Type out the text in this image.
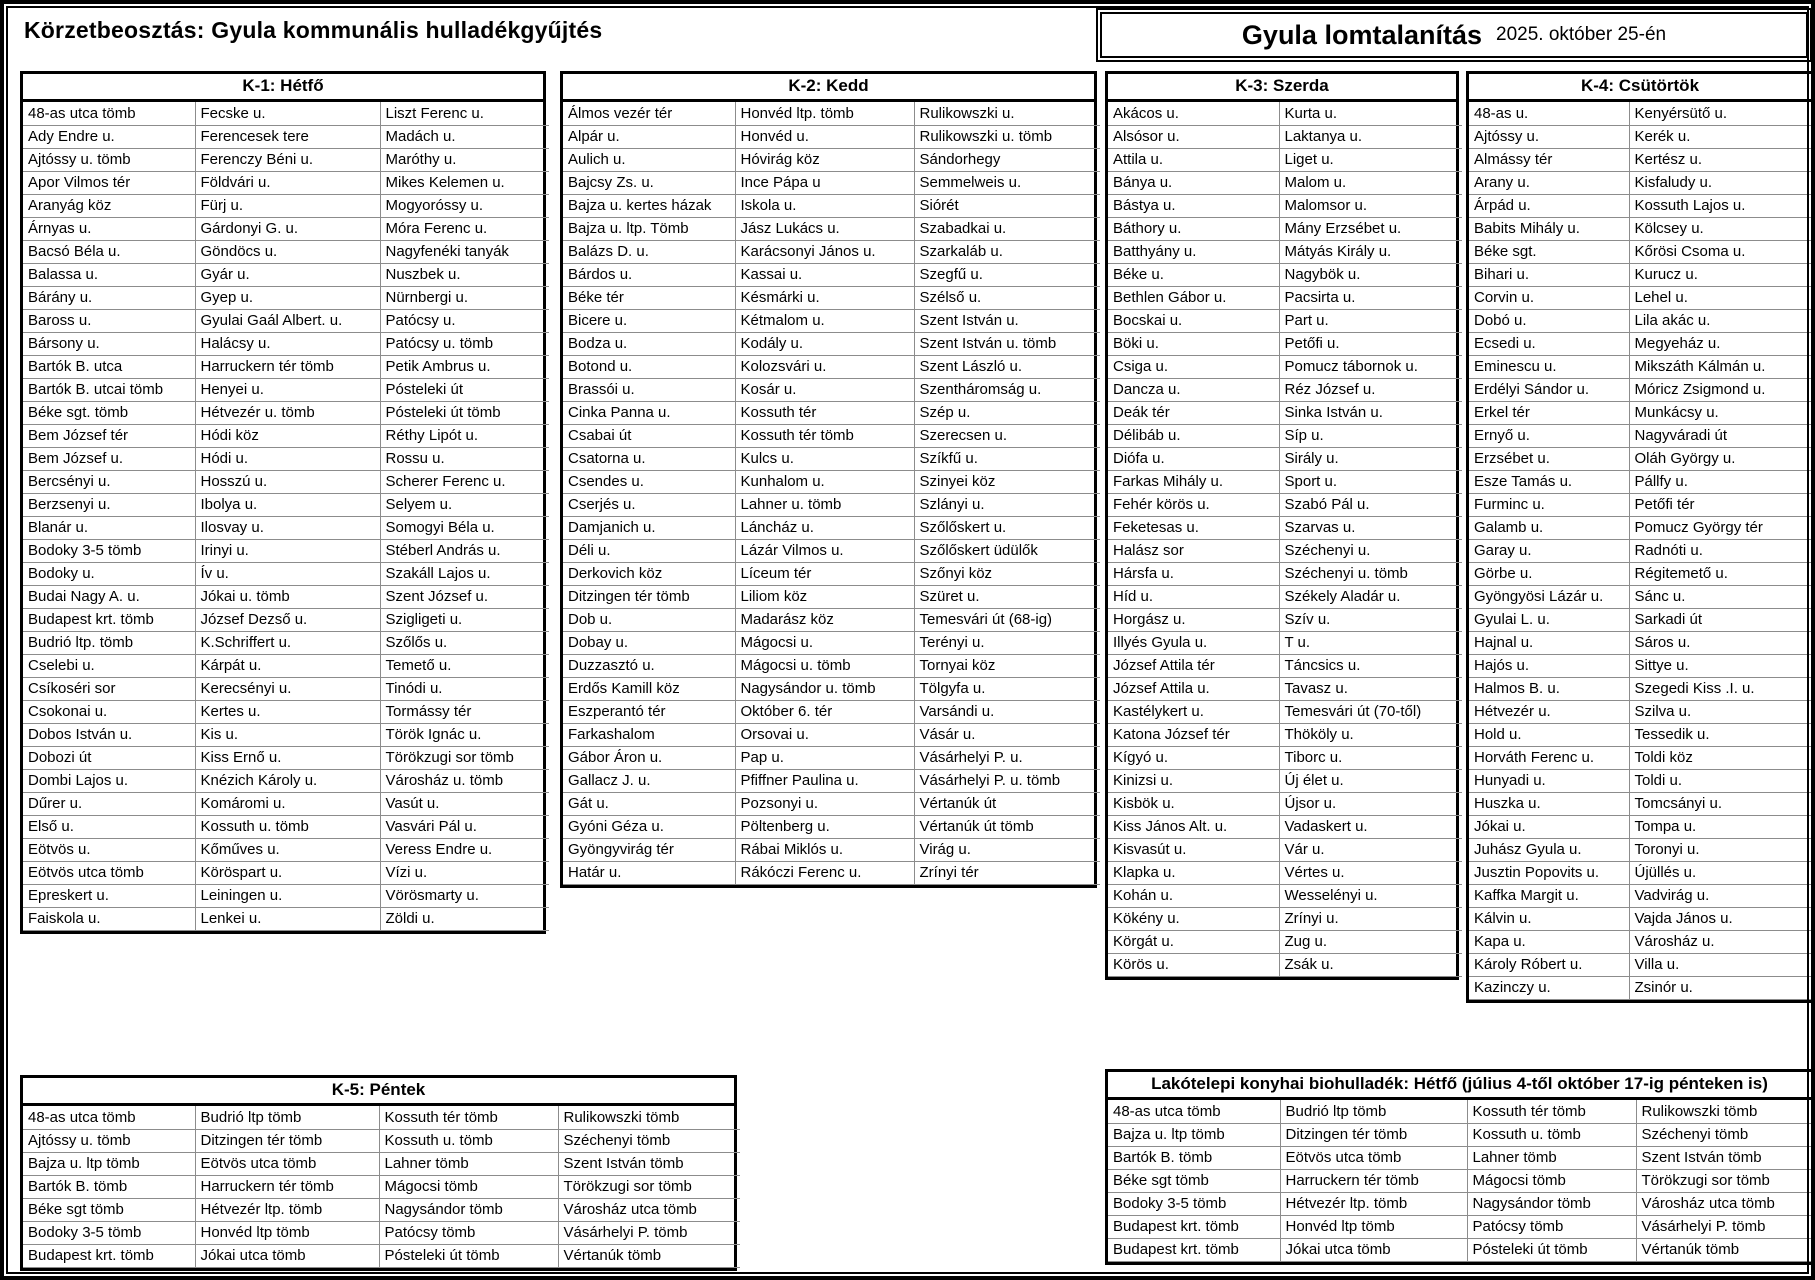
Körzetbeosztás: Gyula kommunális hulladékgyűjtés	Gyula lomtalanítás 2025. október 25-én
K-1: Hétfő
48-as utca tömb	Fecske u.	Liszt Ferenc u.
Ady Endre u.	Ferencesek tere	Madách u.
Ajtóssy u. tömb	Ferenczy Béni u.	Maróthy u.
Apor Vilmos tér	Földvári u.	Mikes Kelemen u.
Aranyág köz	Fürj u.	Mogyoróssy u.
Árnyas u.	Gárdonyi G. u.	Móra Ferenc u.
Bacsó Béla u.	Göndöcs u.	Nagyfenéki tanyák
Balassa u.	Gyár u.	Nuszbek u.
Bárány u.	Gyep u.	Nürnbergi u.
Baross u.	Gyulai Gaál Albert. u.	Patócsy u.
Bársony u.	Halácsy u.	Patócsy u. tömb
Bartók B. utca	Harruckern tér tömb	Petik Ambrus u.
Bartók B. utcai tömb	Henyei u.	Pósteleki út
Béke sgt. tömb	Hétvezér u. tömb	Pósteleki út tömb
Bem József tér	Hódi köz	Réthy Lipót u.
Bem József u.	Hódi u.	Rossu u.
Bercsényi u.	Hosszú u.	Scherer Ferenc u.
Berzsenyi u.	Ibolya u.	Selyem u.
Blanár u.	Ilosvay u.	Somogyi Béla u.
Bodoky 3-5 tömb	Irinyi u.	Stéberl András u.
Bodoky u.	Ív u.	Szakáll Lajos u.
Budai Nagy A. u.	Jókai u. tömb	Szent József u.
Budapest krt. tömb	József Dezső u.	Szigligeti u.
Budrió ltp. tömb	K.Schriffert u.	Szőlős u.
Cselebi u.	Kárpát u.	Temető u.
Csíkoséri sor	Kerecsényi u.	Tinódi u.
Csokonai u.	Kertes u.	Tormássy tér
Dobos István u.	Kis u.	Török Ignác u.
Dobozi út	Kiss Ernő u.	Törökzugi sor tömb
Dombi Lajos u.	Knézich Károly u.	Városház u. tömb
Dűrer u.	Komáromi u.	Vasút u.
Első u.	Kossuth u. tömb	Vasvári Pál u.
Eötvös u.	Kőműves u.	Veress Endre u.
Eötvös utca tömb	Köröspart u.	Vízi u.
Epreskert u.	Leiningen u.	Vörösmarty u.
Faiskola u.	Lenkei u.	Zöldi u.
K-2: Kedd
Álmos vezér tér	Honvéd ltp. tömb	Rulikowszki u.
Alpár u.	Honvéd u.	Rulikowszki u. tömb
Aulich u.	Hóvirág köz	Sándorhegy
Bajcsy Zs. u.	Ince Pápa u	Semmelweis u.
Bajza u. kertes házak	Iskola u.	Siórét
Bajza u. ltp. Tömb	Jász Lukács u.	Szabadkai u.
Balázs D. u.	Karácsonyi János u.	Szarkaláb u.
Bárdos u.	Kassai u.	Szegfű u.
Béke tér	Késmárki u.	Szélső u.
Bicere u.	Kétmalom u.	Szent István u.
Bodza u.	Kodály u.	Szent István u. tömb
Botond u.	Kolozsvári u.	Szent László u.
Brassói u.	Kosár u.	Szentháromság u.
Cinka Panna u.	Kossuth tér	Szép u.
Csabai út	Kossuth tér tömb	Szerecsen u.
Csatorna u.	Kulcs u.	Szíkfű u.
Csendes u.	Kunhalom u.	Szinyei köz
Cserjés u.	Lahner u. tömb	Szlányi u.
Damjanich u.	Láncház u.	Szőlőskert u.
Déli u.	Lázár Vilmos u.	Szőlőskert üdülők
Derkovich köz	Líceum tér	Szőnyi köz
Ditzingen tér tömb	Liliom köz	Szüret u.
Dob u.	Madarász köz	Temesvári út (68-ig)
Dobay u.	Mágocsi u.	Terényi u.
Duzzasztó u.	Mágocsi u. tömb	Tornyai köz
Erdős Kamill köz	Nagysándor u. tömb	Tölgyfa u.
Eszperantó tér	Október 6. tér	Varsándi u.
Farkashalom	Orsovai u.	Vásár u.
Gábor Áron u.	Pap u.	Vásárhelyi P. u.
Gallacz J. u.	Pfiffner Paulina u.	Vásárhelyi P. u. tömb
Gát u.	Pozsonyi u.	Vértanúk út
Gyóni Géza u.	Pöltenberg u.	Vértanúk út tömb
Gyöngyvirág tér	Rábai Miklós u.	Virág u.
Határ u.	Rákóczi Ferenc u.	Zrínyi tér
K-3: Szerda
Akácos u.	Kurta u.
Alsósor u.	Laktanya u.
Attila u.	Liget u.
Bánya u.	Malom u.
Bástya u.	Malomsor u.
Báthory u.	Mány Erzsébet u.
Batthyány u.	Mátyás Király u.
Béke u.	Nagybök u.
Bethlen Gábor u.	Pacsirta u.
Bocskai u.	Part u.
Böki u.	Petőfi u.
Csiga u.	Pomucz tábornok u.
Dancza u.	Réz József u.
Deák tér	Sinka István u.
Délibáb u.	Síp u.
Diófa u.	Sirály u.
Farkas Mihály u.	Sport u.
Fehér körös u.	Szabó Pál u.
Feketesas u.	Szarvas u.
Halász sor	Széchenyi u.
Hársfa u.	Széchenyi u. tömb
Híd u.	Székely Aladár u.
Horgász u.	Szív u.
Illyés Gyula u.	T u.
József Attila tér	Táncsics u.
József Attila u.	Tavasz u.
Kastélykert u.	Temesvári út (70-től)
Katona József tér	Thököly u.
Kígyó u.	Tiborc u.
Kinizsi u.	Új élet u.
Kisbök u.	Újsor u.
Kiss János Alt. u.	Vadaskert u.
Kisvasút u.	Vár u.
Klapka u.	Vértes u.
Kohán u.	Wesselényi u.
Kökény u.	Zrínyi u.
Körgát u.	Zug u.
Körös u.	Zsák u.
K-4: Csütörtök
48-as u.	Kenyérsütő u.
Ajtóssy u.	Kerék u.
Almássy tér	Kertész u.
Arany u.	Kisfaludy u.
Árpád u.	Kossuth Lajos u.
Babits Mihály u.	Kölcsey u.
Béke sgt.	Kőrösi Csoma u.
Bihari u.	Kurucz u.
Corvin u.	Lehel u.
Dobó u.	Lila akác u.
Ecsedi u.	Megyeház u.
Eminescu u.	Mikszáth Kálmán u.
Erdélyi Sándor u.	Móricz Zsigmond u.
Erkel tér	Munkácsy u.
Ernyő u.	Nagyváradi út
Erzsébet u.	Oláh György u.
Esze Tamás u.	Pállfy u.
Furminc u.	Petőfi tér
Galamb u.	Pomucz György tér
Garay u.	Radnóti u.
Görbe u.	Régitemető u.
Gyöngyösi Lázár u.	Sánc u.
Gyulai L. u.	Sarkadi út
Hajnal u.	Sáros u.
Hajós u.	Sittye u.
Halmos B. u.	Szegedi Kiss .I. u.
Hétvezér u.	Szilva u.
Hold u.	Tessedik u.
Horváth Ferenc u.	Toldi köz
Hunyadi u.	Toldi u.
Huszka u.	Tomcsányi u.
Jókai u.	Tompa u.
Juhász Gyula u.	Toronyi u.
Jusztin Popovits u.	Újüllés u.
Kaffka Margit u.	Vadvirág u.
Kálvin u.	Vajda János u.
Kapa u.	Városház u.
Károly Róbert u.	Villa u.
Kazinczy u.	Zsinór u.
K-5: Péntek
48-as utca tömb	Budrió ltp tömb	Kossuth tér tömb	Rulikowszki tömb
Ajtóssy u. tömb	Ditzingen tér tömb	Kossuth u. tömb	Széchenyi tömb
Bajza u. ltp tömb	Eötvös utca tömb	Lahner tömb	Szent István tömb
Bartók B. tömb	Harruckern tér tömb	Mágocsi tömb	Törökzugi sor tömb
Béke sgt tömb	Hétvezér ltp. tömb	Nagysándor tömb	Városház utca tömb
Bodoky 3-5 tömb	Honvéd ltp tömb	Patócsy tömb	Vásárhelyi P. tömb
Budapest krt. tömb	Jókai utca tömb	Pósteleki út tömb	Vértanúk tömb
Lakótelepi konyhai biohulladék: Hétfő (július 4-től október 17-ig pénteken is)
48-as utca tömb	Budrió ltp tömb	Kossuth tér tömb	Rulikowszki tömb
Bajza u. ltp tömb	Ditzingen tér tömb	Kossuth u. tömb	Széchenyi tömb
Bartók B. tömb	Eötvös utca tömb	Lahner tömb	Szent István tömb
Béke sgt tömb	Harruckern tér tömb	Mágocsi tömb	Törökzugi sor tömb
Bodoky 3-5 tömb	Hétvezér ltp. tömb	Nagysándor tömb	Városház utca tömb
Budapest krt. tömb	Honvéd ltp tömb	Patócsy tömb	Vásárhelyi P. tömb
Budapest krt. tömb	Jókai utca tömb	Pósteleki út tömb	Vértanúk tömb
